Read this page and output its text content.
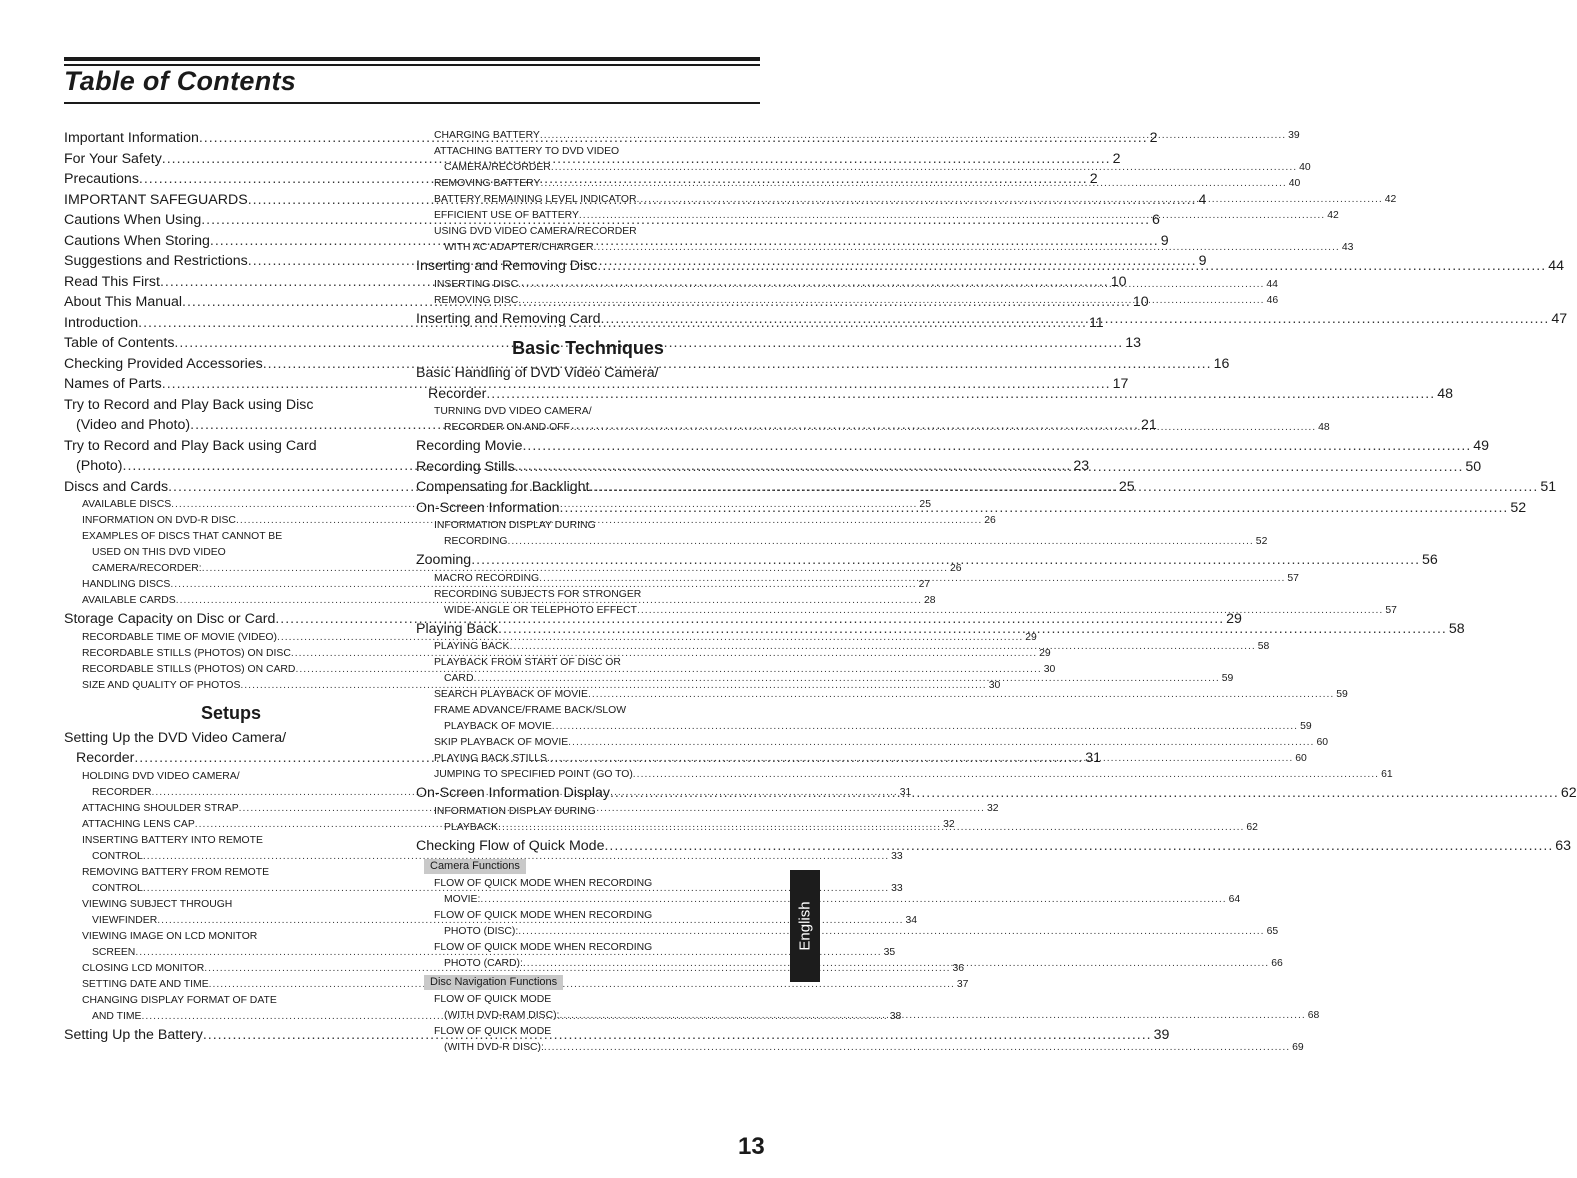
Table of Contents
Important Information .....	2
For Your Safety .....	2
Precautions .....	2
IMPORTANT SAFEGUARDS .....	4
Cautions When Using .....	6
Cautions When Storing .....	9
Suggestions and Restrictions .....	9
Read This First .....	10
About This Manual .....	10
Introduction .....	11
Table of Contents .....	13
Checking Provided Accessories .....	16
Names of Parts .....	17
Try to Record and Play Back using Disc
(Video and Photo) .....	21
Try to Record and Play Back using Card
(Photo) .....	23
Discs and Cards .....	25
AVAILABLE DISCS .....	25
INFORMATION ON DVD-R DISC .....	26
EXAMPLES OF DISCS THAT CANNOT BE
USED ON THIS DVD VIDEO
CAMERA/RECORDER: .....	26
HANDLING DISCS .....	27
AVAILABLE CARDS .....	28
Storage Capacity on Disc or Card .....	29
RECORDABLE TIME OF MOVIE (VIDEO) .....	29
RECORDABLE STILLS (PHOTOS) ON DISC .....	29
RECORDABLE STILLS (PHOTOS) ON CARD .....	30
SIZE AND QUALITY OF PHOTOS .....	30
Setups
Setting Up the DVD Video Camera/
Recorder .....	31
HOLDING DVD VIDEO CAMERA/
RECORDER .....	31
ATTACHING SHOULDER STRAP .....	32
ATTACHING LENS CAP .....	32
INSERTING BATTERY INTO REMOTE
CONTROL .....	33
REMOVING BATTERY FROM REMOTE
CONTROL .....	33
VIEWING SUBJECT THROUGH
VIEWFINDER .....	34
VIEWING IMAGE ON LCD MONITOR
SCREEN .....	35
CLOSING LCD MONITOR .....	36
SETTING DATE AND TIME .....	37
CHANGING DISPLAY FORMAT OF DATE
AND TIME .....	38
Setting Up the Battery .....	39
CHARGING BATTERY .....	39
ATTACHING BATTERY TO DVD VIDEO
CAMERA/RECORDER .....	40
REMOVING BATTERY .....	40
BATTERY REMAINING LEVEL INDICATOR .....	42
EFFICIENT USE OF BATTERY .....	42
USING DVD VIDEO CAMERA/RECORDER
WITH AC ADAPTER/CHARGER .....	43
Inserting and Removing Disc .....	44
INSERTING DISC .....	44
REMOVING DISC .....	46
Inserting and Removing Card .....	47
Basic Techniques
Basic Handling of DVD Video Camera/
Recorder .....	48
TURNING DVD VIDEO CAMERA/
RECORDER ON AND OFF .....	48
Recording Movie .....	49
Recording Stills .....	50
Compensating for Backlight .....	51
On-Screen Information .....	52
INFORMATION DISPLAY DURING
RECORDING .....	52
Zooming .....	56
MACRO RECORDING .....	57
RECORDING SUBJECTS FOR STRONGER
WIDE-ANGLE OR TELEPHOTO EFFECT .....	57
Playing Back .....	58
PLAYING BACK .....	58
PLAYBACK FROM START OF DISC OR
CARD .....	59
SEARCH PLAYBACK OF MOVIE .....	59
FRAME ADVANCE/FRAME BACK/SLOW
PLAYBACK OF MOVIE .....	59
SKIP PLAYBACK OF MOVIE .....	60
PLAYING BACK STILLS .....	60
JUMPING TO SPECIFIED POINT (GO TO) .....	61
On-Screen Information Display .....	62
INFORMATION DISPLAY DURING
PLAYBACK .....	62
Checking Flow of Quick Mode .....	63
Camera Functions
FLOW OF QUICK MODE WHEN RECORDING
MOVIE: .....	64
FLOW OF QUICK MODE WHEN RECORDING
PHOTO (DISC): .....	65
FLOW OF QUICK MODE WHEN RECORDING
PHOTO (CARD): .....	66
Disc Navigation Functions
FLOW OF QUICK MODE
(WITH DVD-RAM DISC): .....	68
FLOW OF QUICK MODE
(WITH DVD-R DISC): .....	69
English
13
